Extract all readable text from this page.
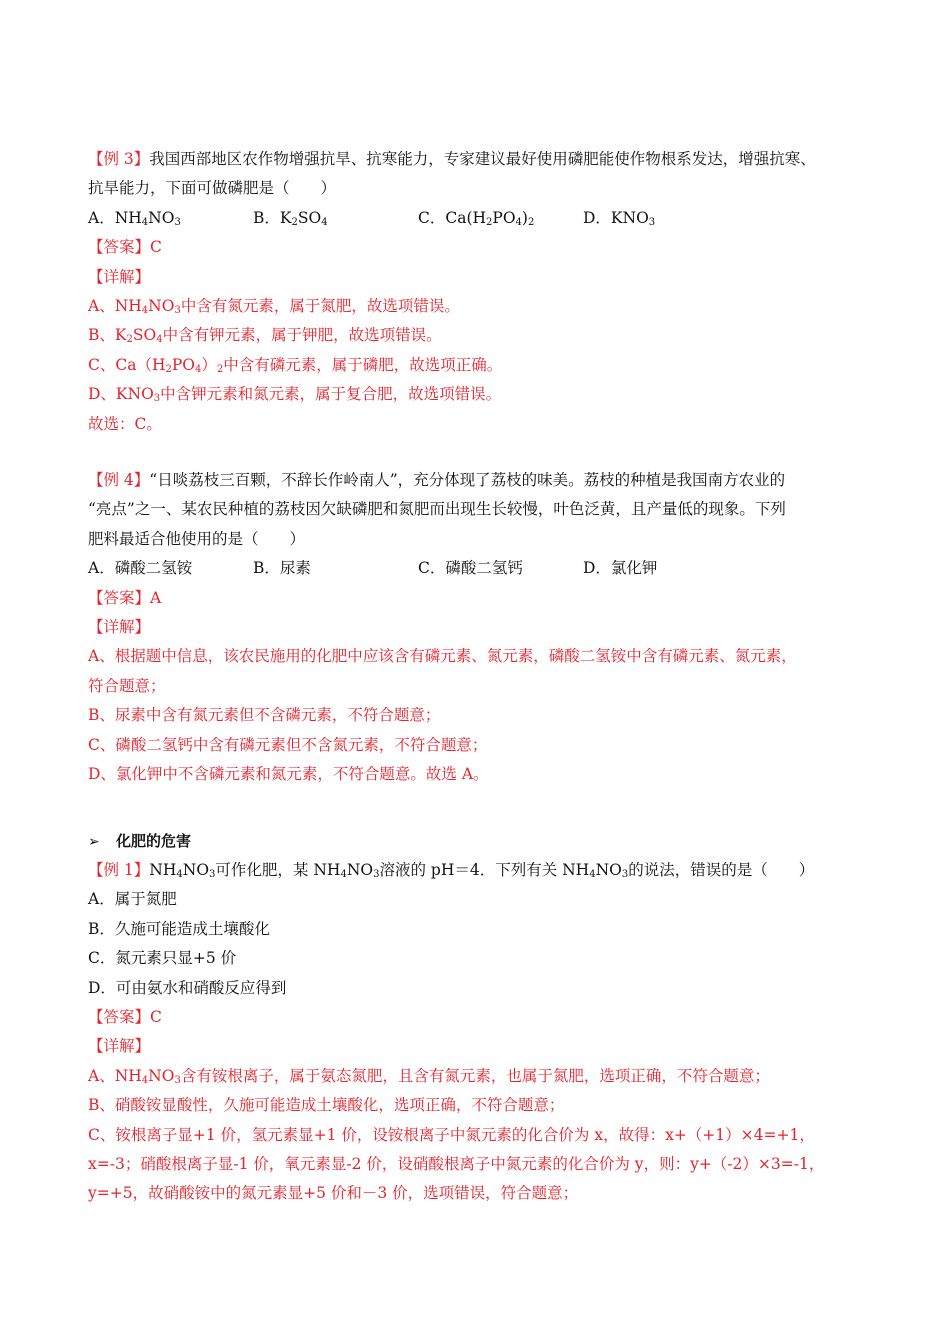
【例 3】我国西部地区农作物增强抗旱、抗寒能力，专家建议最好使用磷肥能使作物根系发达，增强抗寒、
抗旱能力，下面可做磷肥是（　　）
A．$NH_4NO_3$	B．$K_2SO_4$	C．$Ca(H_2PO_4)_2$	D．$KNO_3$
【答案】C
【详解】
A、$NH_4NO_3$中含有氮元素，属于氮肥，故选项错误。
B、$K_2SO_4$中含有钾元素，属于钾肥，故选项错误。
C、$Ca(H_2PO_4)_2$中含有磷元素，属于磷肥，故选项正确。
D、$KNO_3$中含钾元素和氮元素，属于复合肥，故选项错误。
故选：C。
【例 4】“日啖荔枝三百颗，不辞长作岭南人”，充分体现了荔枝的味美。荔枝的种植是我国南方农业的
“亮点”之一、某农民种植的荔枝因欠缺磷肥和氮肥而出现生长较慢，叶色泛黄，且产量低的现象。下列
肥料最适合他使用的是（　　）
A．磷酸二氢铵	B．尿素	C．磷酸二氢钙	D．氯化钾
【答案】A
【详解】
A、根据题中信息，该农民施用的化肥中应该含有磷元素、氮元素，磷酸二氢铵中含有磷元素、氮元素，
符合题意；
B、尿素中含有氮元素但不含磷元素，不符合题意；
C、磷酸二氢钙中含有磷元素但不含氮元素，不符合题意；
D、氯化钾中不含磷元素和氮元素，不符合题意。故选 A。
➢ 化肥的危害
【例 1】$NH_4NO_3$可作化肥，某 $NH_4NO_3$溶液的 pH＝4．下列有关 $NH_4NO_3$的说法，错误的是（　　）
A．属于氮肥
B．久施可能造成土壤酸化
C．氮元素只显+5 价
D．可由氨水和硝酸反应得到
【答案】C
【详解】
A、$NH_4NO_3$含有铵根离子，属于氨态氮肥，且含有氮元素，也属于氮肥，选项正确，不符合题意；
B、硝酸铵显酸性，久施可能造成土壤酸化，选项正确，不符合题意；
C、铵根离子显+1 价，氢元素显+1 价，设铵根离子中氮元素的化合价为 x，故得：x+（+1）×4=+1，
x=-3；硝酸根离子显-1 价，氧元素显-2 价，设硝酸根离子中氮元素的化合价为 y，则：y+（-2）×3=-1，
y=+5，故硝酸铵中的氮元素显+5 价和－3 价，选项错误，符合题意；
